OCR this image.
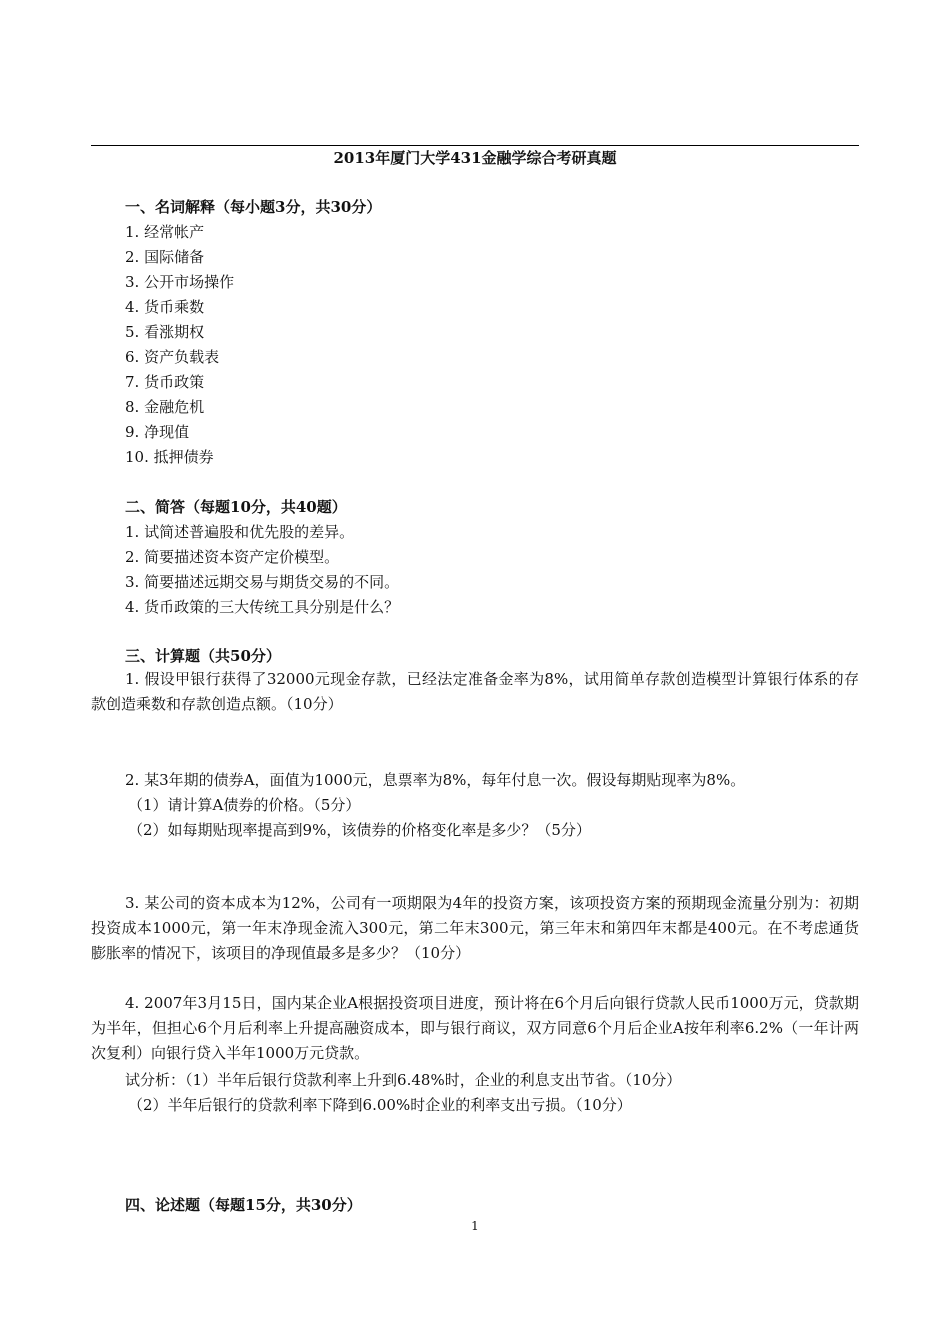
2013年厦门大学431金融学综合考研真题
一、名词解释（每小题3分，共30分）
1. 经常帐产
2. 国际储备
3. 公开市场操作
4. 货币乘数
5. 看涨期权
6. 资产负载表
7. 货币政策
8. 金融危机
9. 净现值
10. 抵押债券
二、简答（每题10分，共40题）
1. 试简述普遍股和优先股的差异。
2. 简要描述资本资产定价模型。
3. 简要描述远期交易与期货交易的不同。
4. 货币政策的三大传统工具分别是什么？
三、计算题（共50分）
1. 假设甲银行获得了32000元现金存款，已经法定准备金率为8%，试用简单存款创造模型计算银行体系的存款创造乘数和存款创造点额。（10分）
2. 某3年期的债券A，面值为1000元，息票率为8%，每年付息一次。假设每期贴现率为8%。
（1）请计算A债券的价格。（5分）
（2）如每期贴现率提高到9%，该债券的价格变化率是多少？（5分）
3. 某公司的资本成本为12%，公司有一项期限为4年的投资方案，该项投资方案的预期现金流量分别为：初期投资成本1000元，第一年末净现金流入300元，第二年末300元，第三年末和第四年末都是400元。在不考虑通货膨胀率的情况下，该项目的净现值最多是多少？（10分）
4. 2007年3月15日，国内某企业A根据投资项目进度，预计将在6个月后向银行贷款人民币1000万元，贷款期为半年，但担心6个月后利率上升提高融资成本，即与银行商议，双方同意6个月后企业A按年利率6.2%（一年计两次复利）向银行贷入半年1000万元贷款。
试分析：（1）半年后银行贷款利率上升到6.48%时，企业的利息支出节省。（10分）
（2）半年后银行的贷款利率下降到6.00%时企业的利率支出亏损。（10分）
四、论述题（每题15分，共30分）
1
